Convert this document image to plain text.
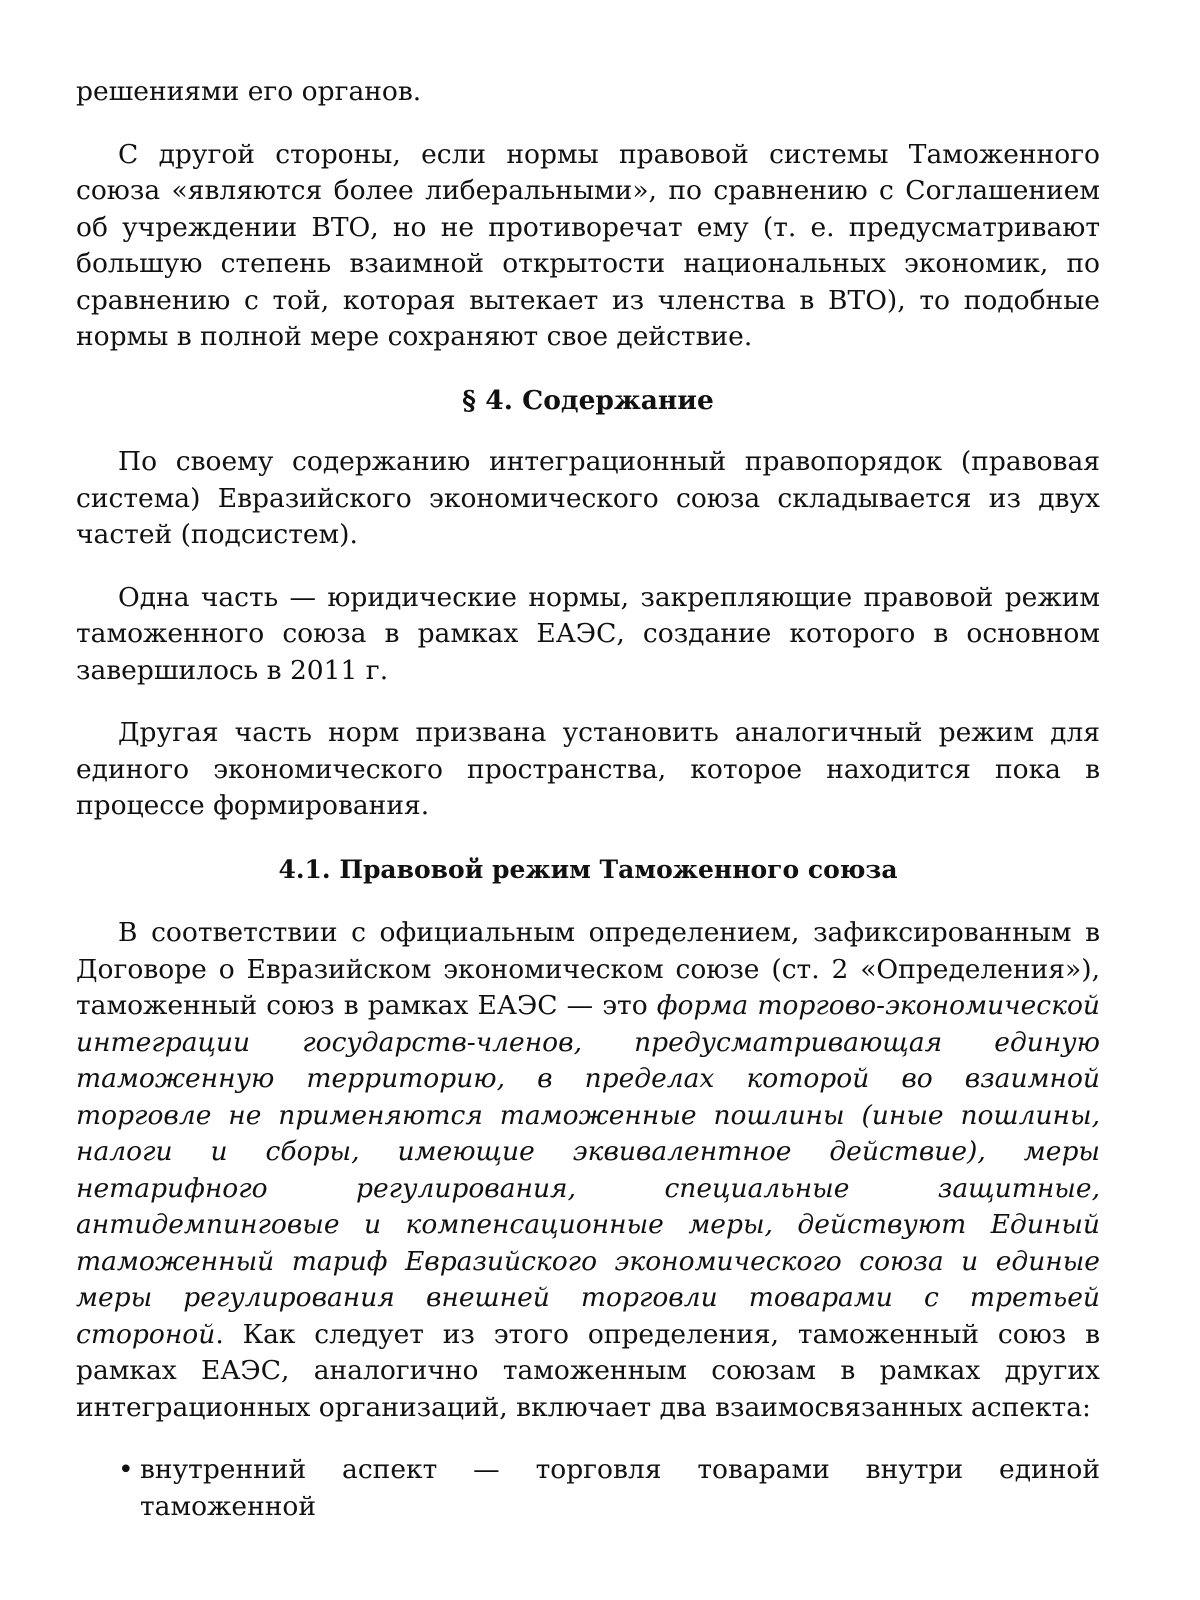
решениями его органов.

С другой стороны, если нормы правовой системы Таможенного союза «являются более либеральными», по сравнению с Соглашением об учреждении ВТО, но не противоречат ему (т. е. предусматривают большую степень взаимной открытости национальных экономик, по сравнению с той, которая вытекает из членства в ВТО), то подобные нормы в полной мере сохраняют свое действие.

§ 4. Содержание

По своему содержанию интеграционный правопорядок (правовая система) Евразийского экономического союза складывается из двух частей (подсистем).

Одна часть — юридические нормы, закрепляющие правовой режим таможенного союза в рамках ЕАЭС, создание которого в основном завершилось в 2011 г.

Другая часть норм призвана установить аналогичный режим для единого экономического пространства, которое находится пока в процессе формирования.

4.1. Правовой режим Таможенного союза

В соответствии с официальным определением, зафиксированным в Договоре о Евразийском экономическом союзе (ст. 2 «Определения»), таможенный союз в рамках ЕАЭС — это форма торгово-экономической интеграции государств-членов, предусматривающая единую таможенную территорию, в пределах которой во взаимной торговле не применяются таможенные пошлины (иные пошлины, налоги и сборы, имеющие эквивалентное действие), меры нетарифного регулирования, специальные защитные, антидемпинговые и компенсационные меры, действуют Единый таможенный тариф Евразийского экономического союза и единые меры регулирования внешней торговли товарами с третьей стороной. Как следует из этого определения, таможенный союз в рамках ЕАЭС, аналогично таможенным союзам в рамках других интеграционных организаций, включает два взаимосвязанных аспекта:

• внутренний аспект — торговля товарами внутри единой таможенной
